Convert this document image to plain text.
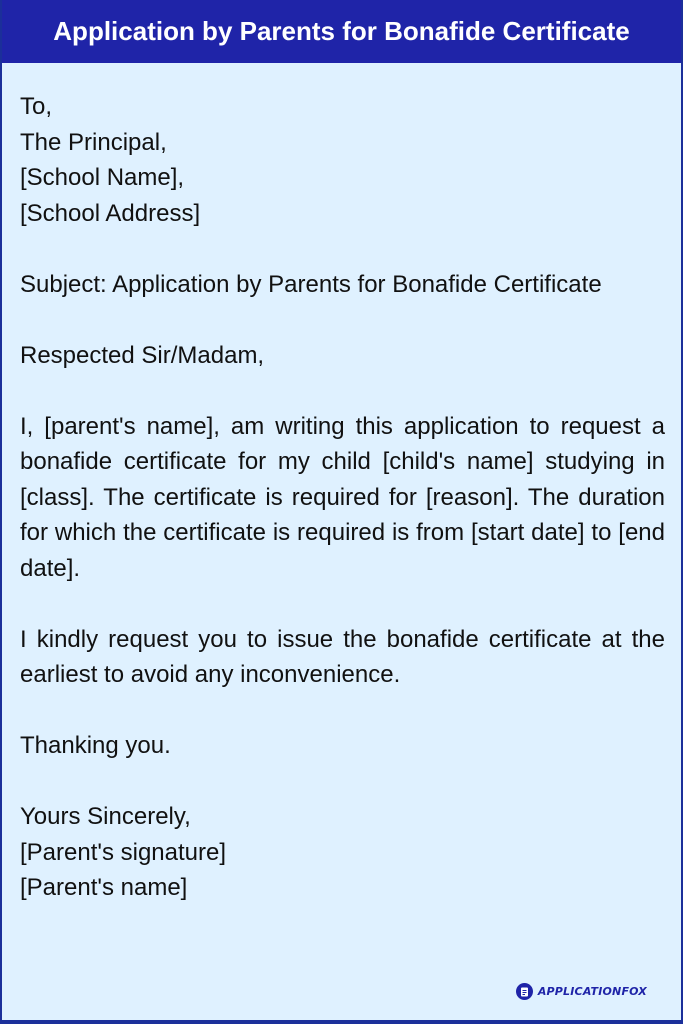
Application by Parents for Bonafide Certificate
To,
The Principal,
[School Name],
[School Address]
Subject: Application by Parents for Bonafide Certificate
Respected Sir/Madam,
I, [parent's name], am writing this application to request a bonafide certificate for my child [child's name] studying in [class]. The certificate is required for [reason]. The duration for which the certificate is required is from [start date] to [end date].
I kindly request you to issue the bonafide certificate at the earliest to avoid any inconvenience.
Thanking you.
Yours Sincerely,
[Parent's signature]
[Parent's name]
APPLICATIONFOX
